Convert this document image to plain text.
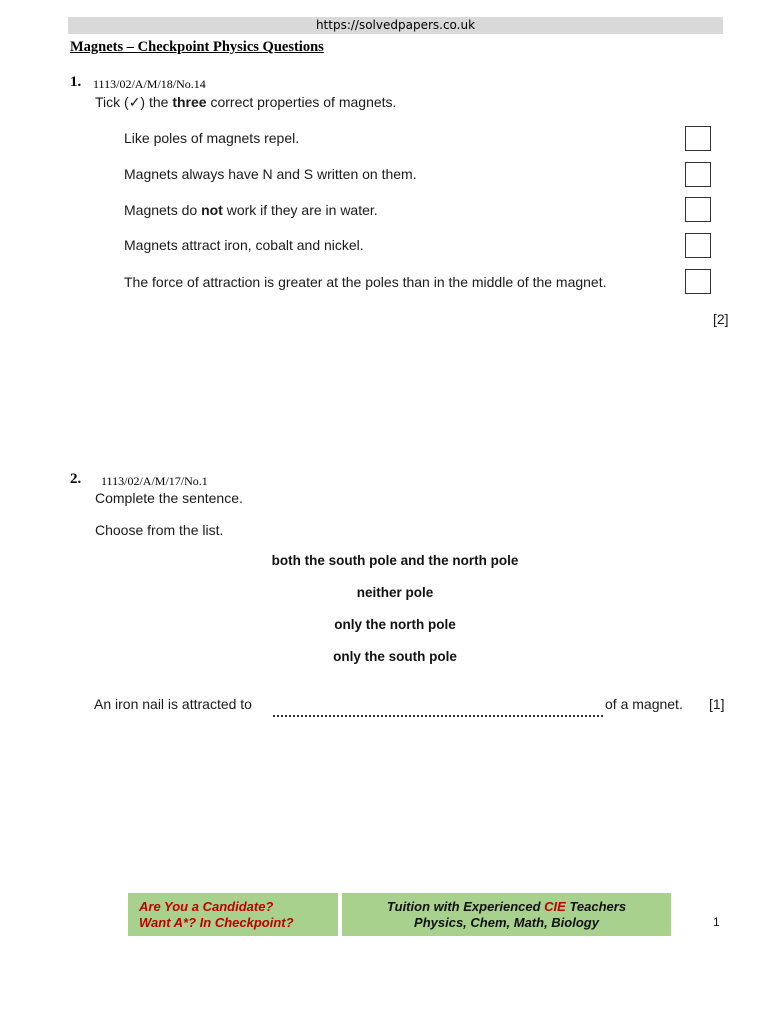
https://solvedpapers.co.uk
Magnets – Checkpoint Physics Questions
1. 1113/02/A/M/18/No.14
Tick (✓) the three correct properties of magnets.
Like poles of magnets repel.
Magnets always have N and S written on them.
Magnets do not work if they are in water.
Magnets attract iron, cobalt and nickel.
The force of attraction is greater at the poles than in the middle of the magnet.
[2]
2. 1113/02/A/M/17/No.1
Complete the sentence.
Choose from the list.
both the south pole and the north pole
neither pole
only the north pole
only the south pole
An iron nail is attracted to	of a magnet. [1]
Are You a Candidate?
Want A*? In Checkpoint?
Tuition with Experienced CIE Teachers
Physics, Chem, Math, Biology	1
